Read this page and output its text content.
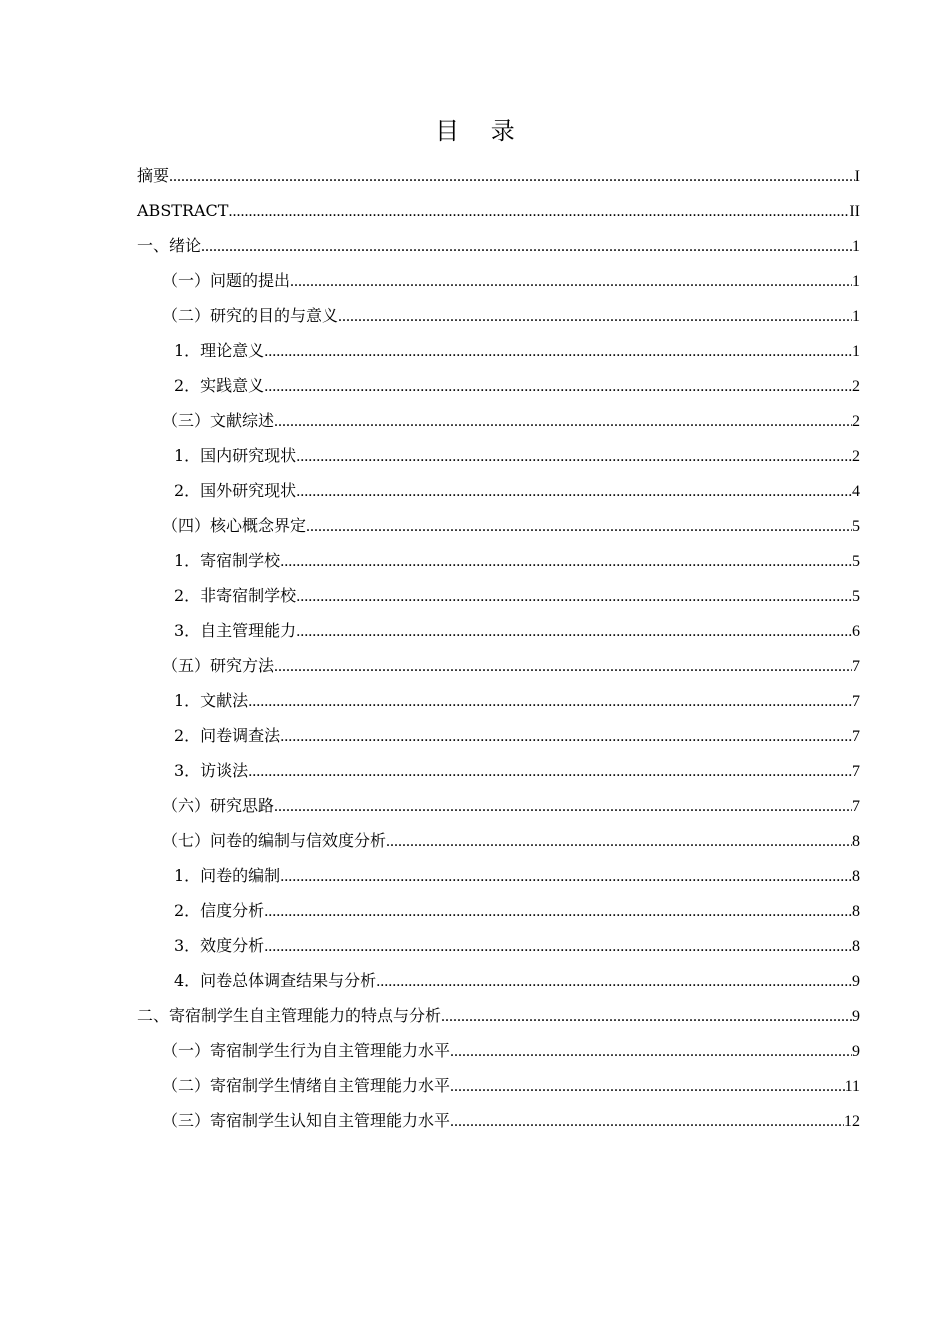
目 录
摘要 .....	I
ABSTRACT .....	II
一、绪论 .....	1
（一）问题的提出 .....	1
（二）研究的目的与意义 .....	1
1．理论意义 .....	1
2．实践意义 .....	2
（三）文献综述 .....	2
1．国内研究现状 .....	2
2．国外研究现状 .....	4
（四）核心概念界定 .....	5
1．寄宿制学校 .....	5
2．非寄宿制学校 .....	5
3．自主管理能力 .....	6
（五）研究方法 .....	7
1．文献法 .....	7
2．问卷调查法 .....	7
3．访谈法 .....	7
（六）研究思路 .....	7
（七）问卷的编制与信效度分析 .....	8
1．问卷的编制 .....	8
2．信度分析 .....	8
3．效度分析 .....	8
4．问卷总体调查结果与分析 .....	9
二、寄宿制学生自主管理能力的特点与分析 .....	9
（一）寄宿制学生行为自主管理能力水平 .....	9
（二）寄宿制学生情绪自主管理能力水平 .....	11
（三）寄宿制学生认知自主管理能力水平 .....	12
